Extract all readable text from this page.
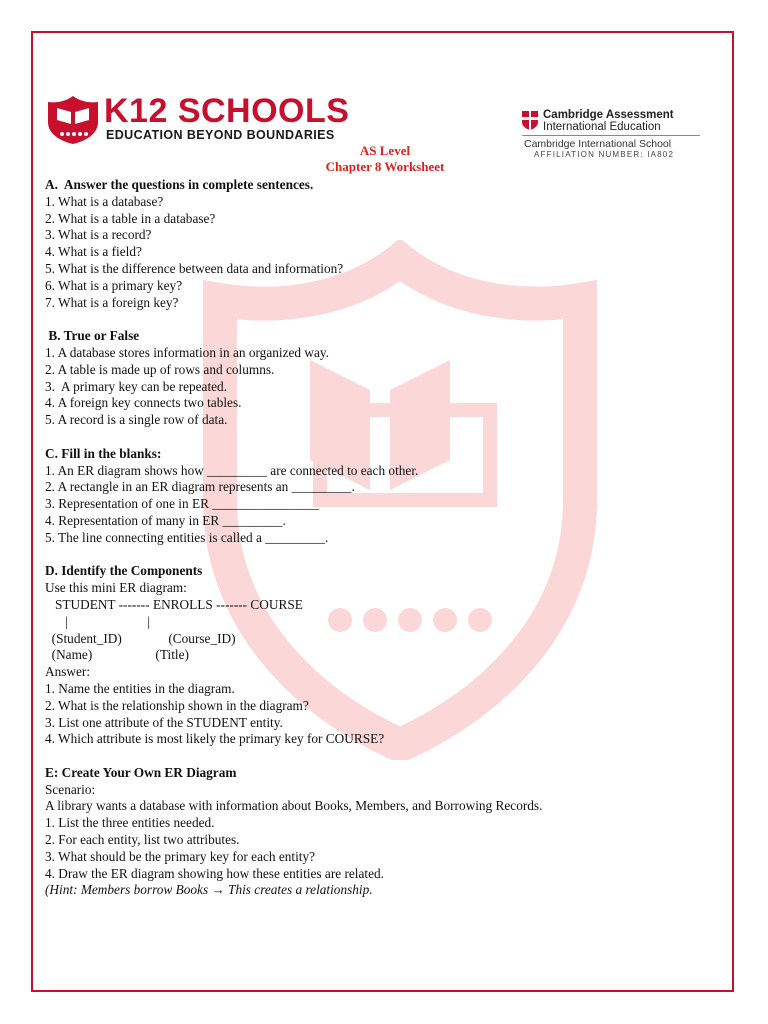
K12 SCHOOLS
EDUCATION BEYOND BOUNDARIES
Cambridge Assessment
International Education
Cambridge International School
AFFILIATION NUMBER: IA802
AS Level
Chapter 8 Worksheet
A.  Answer the questions in complete sentences.
1. What is a database?
2. What is a table in a database?
3. What is a record?
4. What is a field?
5. What is the difference between data and information?
6. What is a primary key?
7. What is a foreign key?
B. True or False
1. A database stores information in an organized way.
2. A table is made up of rows and columns.
3.  A primary key can be repeated.
4. A foreign key connects two tables.
5. A record is a single row of data.
C. Fill in the blanks:
1. An ER diagram shows how _________ are connected to each other.
2. A rectangle in an ER diagram represents an _________.
3. Representation of one in ER ________________
4. Representation of many in ER _________.
5. The line connecting entities is called a _________.
D. Identify the Components
Use this mini ER diagram:
STUDENT ------- ENROLLS ------- COURSE
|                        |
(Student_ID)              (Course_ID)
(Name)                   (Title)
Answer:
1. Name the entities in the diagram.
2. What is the relationship shown in the diagram?
3. List one attribute of the STUDENT entity.
4. Which attribute is most likely the primary key for COURSE?
E: Create Your Own ER Diagram
Scenario:
A library wants a database with information about Books, Members, and Borrowing Records.
1. List the three entities needed.
2. For each entity, list two attributes.
3. What should be the primary key for each entity?
4. Draw the ER diagram showing how these entities are related.
(Hint: Members borrow Books → This creates a relationship.
